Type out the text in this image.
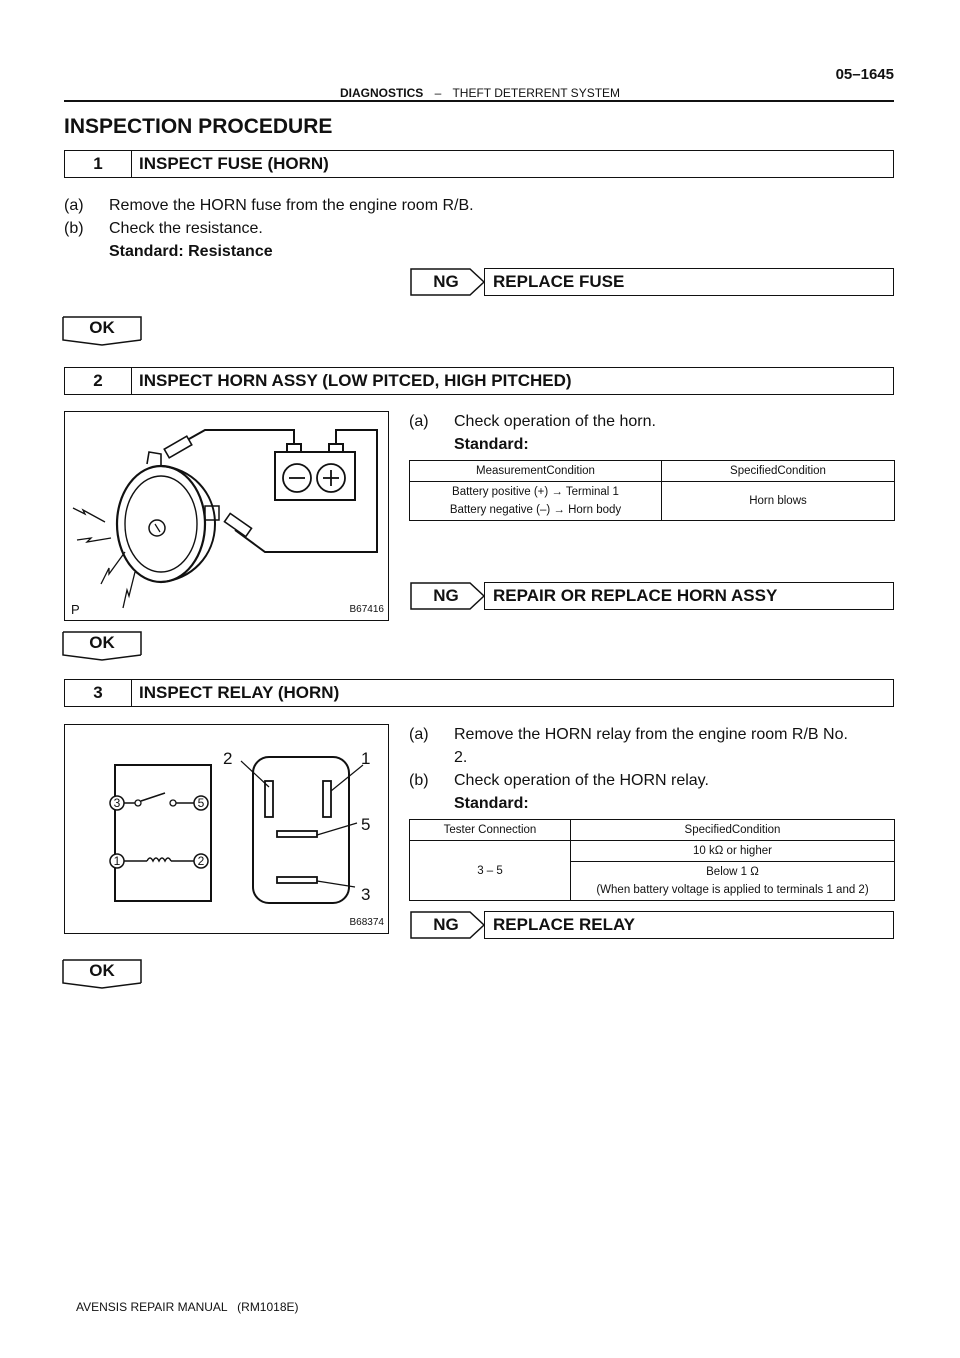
05–1645
DIAGNOSTICS – THEFT DETERRENT SYSTEM
INSPECTION PROCEDURE
1	INSPECT FUSE (HORN)
(a) Remove the HORN fuse from the engine room R/B.
(b) Check the resistance.
Standard: Resistance
NG	REPLACE FUSE
OK
2	INSPECT HORN ASSY (LOW PITCED, HIGH PITCHED)
P	B67416
(a) Check operation of the horn.
Standard:
MeasurementCondition	SpecifiedCondition

Battery positive (+) → Terminal 1
Battery negative (–) → Horn body	Horn blows
NG	REPAIR OR REPLACE HORN ASSY
OK
3	INSPECT RELAY (HORN)
3	5
1	2
2	1
5
3
B68374
(a) Remove the HORN relay from the engine room R/B No.
2.
(b) Check operation of the HORN relay.
Standard:
Tester Connection	SpecifiedCondition
3 – 5	10 kΩ or higher

	Below 1 Ω
(When battery voltage is applied to terminals 1 and 2)
NG	REPLACE RELAY
OK
AVENSIS REPAIR MANUAL   (RM1018E)
